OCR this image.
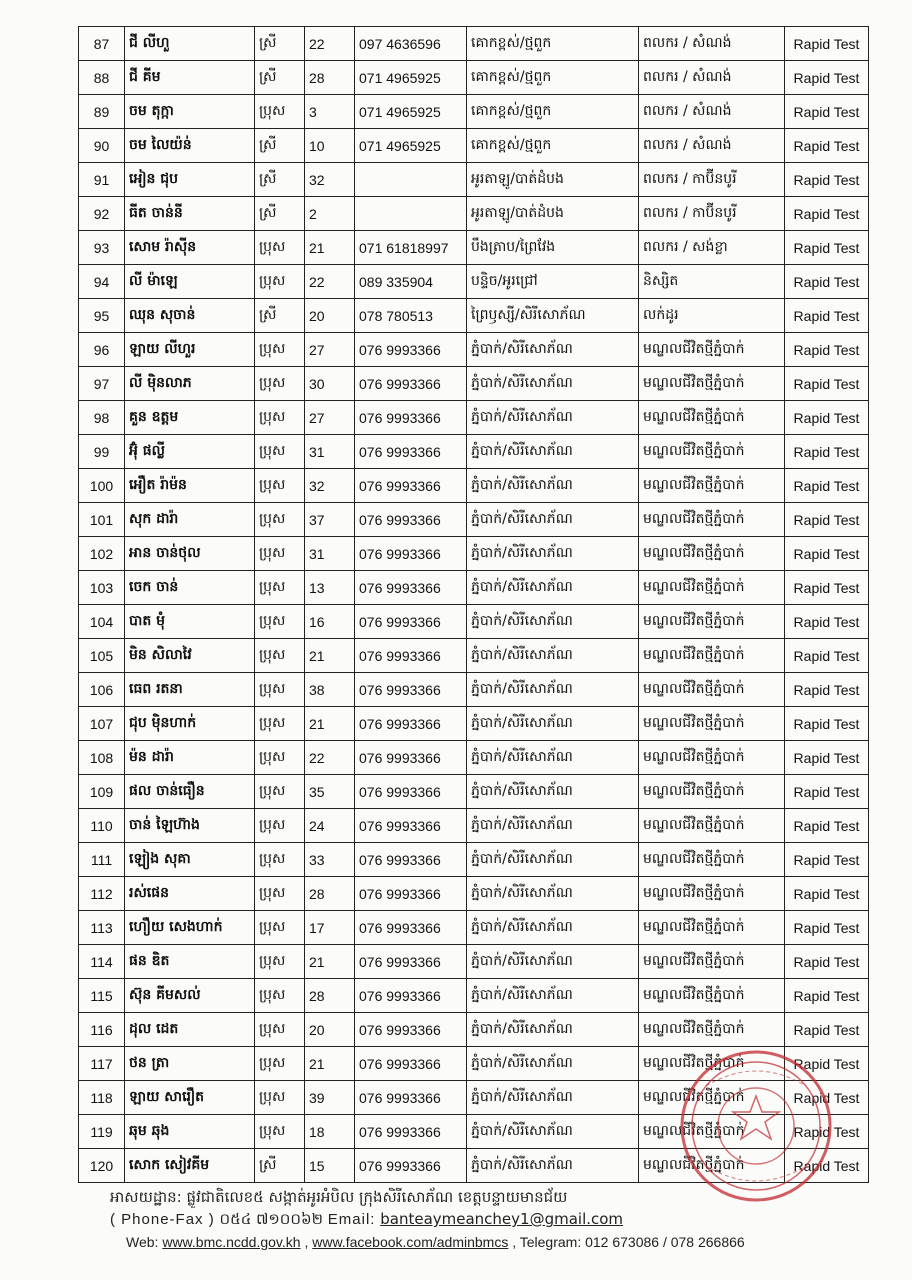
87	ជី លីហួ	ស្រី	22	097 4636596	គោកខ្ពស់/ថ្មពួក	ពលករ / សំណង់	Rapid Test
88	ជី គីម	ស្រី	28	071 4965925	គោកខ្ពស់/ថ្មពួក	ពលករ / សំណង់	Rapid Test
89	ចម តុក្កា	ប្រុស	3	071 4965925	គោកខ្ពស់/ថ្មពួក	ពលករ / សំណង់	Rapid Test
90	ចម លៃយ៉ន់	ស្រី	10	071 4965925	គោកខ្ពស់/ថ្មពួក	ពលករ / សំណង់	Rapid Test
91	អៀន ជុប	ស្រី	32		អូរតាឡូ/បាត់ដំបង	ពលករ / កាប៊ីនបូរី	Rapid Test
92	ធីត ចាន់នី	ស្រី	2		អូរតាឡូ/បាត់ដំបង	ពលករ / កាប៊ីនបូរី	Rapid Test
93	សោម រ៉ាស៊ីន	ប្រុស	21	071 61818997	បឹងត្រាប/ព្រៃវែង	ពលករ / សង់ខ្លា	Rapid Test
94	លី ម៉ាឡេ	ប្រុស	22	089 335904	បន្ទិច/អូរជ្រៅ	និស្សិត	Rapid Test
95	ឈុន សុចាន់	ស្រី	20	078 780513	ព្រៃឫស្សី/សិរីសោភ័ណ	លក់ដូរ	Rapid Test
96	ឡាយ លីហួរ	ប្រុស	27	076 9993366	ភ្នំបាក់/សិរីសោភ័ណ	មណ្ឌលជីវិតថ្មីភ្នំបាក់	Rapid Test
97	លី ម៉ិនលាភ	ប្រុស	30	076 9993366	ភ្នំបាក់/សិរីសោភ័ណ	មណ្ឌលជីវិតថ្មីភ្នំបាក់	Rapid Test
98	គួន ឧត្តម	ប្រុស	27	076 9993366	ភ្នំបាក់/សិរីសោភ័ណ	មណ្ឌលជីវិតថ្មីភ្នំបាក់	Rapid Test
99	អ៊ុំ ផល្លី	ប្រុស	31	076 9993366	ភ្នំបាក់/សិរីសោភ័ណ	មណ្ឌលជីវិតថ្មីភ្នំបាក់	Rapid Test
100	អឿត រ៉ាម៉ន	ប្រុស	32	076 9993366	ភ្នំបាក់/សិរីសោភ័ណ	មណ្ឌលជីវិតថ្មីភ្នំបាក់	Rapid Test
101	សុក ដារ៉ា	ប្រុស	37	076 9993366	ភ្នំបាក់/សិរីសោភ័ណ	មណ្ឌលជីវិតថ្មីភ្នំបាក់	Rapid Test
102	អាន ចាន់ថុល	ប្រុស	31	076 9993366	ភ្នំបាក់/សិរីសោភ័ណ	មណ្ឌលជីវិតថ្មីភ្នំបាក់	Rapid Test
103	ចេក ចាន់	ប្រុស	13	076 9993366	ភ្នំបាក់/សិរីសោភ័ណ	មណ្ឌលជីវិតថ្មីភ្នំបាក់	Rapid Test
104	បាត មុំ	ប្រុស	16	076 9993366	ភ្នំបាក់/សិរីសោភ័ណ	មណ្ឌលជីវិតថ្មីភ្នំបាក់	Rapid Test
105	មិន សិលាវៃ	ប្រុស	21	076 9993366	ភ្នំបាក់/សិរីសោភ័ណ	មណ្ឌលជីវិតថ្មីភ្នំបាក់	Rapid Test
106	ធេព រតនា	ប្រុស	38	076 9993366	ភ្នំបាក់/សិរីសោភ័ណ	មណ្ឌលជីវិតថ្មីភ្នំបាក់	Rapid Test
107	ជុប ម៉ិនហាក់	ប្រុស	21	076 9993366	ភ្នំបាក់/សិរីសោភ័ណ	មណ្ឌលជីវិតថ្មីភ្នំបាក់	Rapid Test
108	ម៉ន ដារ៉ា	ប្រុស	22	076 9993366	ភ្នំបាក់/សិរីសោភ័ណ	មណ្ឌលជីវិតថ្មីភ្នំបាក់	Rapid Test
109	ផល ចាន់ធឿន	ប្រុស	35	076 9993366	ភ្នំបាក់/សិរីសោភ័ណ	មណ្ឌលជីវិតថ្មីភ្នំបាក់	Rapid Test
110	ចាន់ ឡៃហ៊ាង	ប្រុស	24	076 9993366	ភ្នំបាក់/សិរីសោភ័ណ	មណ្ឌលជីវិតថ្មីភ្នំបាក់	Rapid Test
111	ឡៀង សុគា	ប្រុស	33	076 9993366	ភ្នំបាក់/សិរីសោភ័ណ	មណ្ឌលជីវិតថ្មីភ្នំបាក់	Rapid Test
112	រស់ផេន	ប្រុស	28	076 9993366	ភ្នំបាក់/សិរីសោភ័ណ	មណ្ឌលជីវិតថ្មីភ្នំបាក់	Rapid Test
113	ហឿយ សេងហាក់	ប្រុស	17	076 9993366	ភ្នំបាក់/សិរីសោភ័ណ	មណ្ឌលជីវិតថ្មីភ្នំបាក់	Rapid Test
114	ផន ឌិត	ប្រុស	21	076 9993366	ភ្នំបាក់/សិរីសោភ័ណ	មណ្ឌលជីវិតថ្មីភ្នំបាក់	Rapid Test
115	ស៊ុន គីមសល់	ប្រុស	28	076 9993366	ភ្នំបាក់/សិរីសោភ័ណ	មណ្ឌលជីវិតថ្មីភ្នំបាក់	Rapid Test
116	ដុល ដេត	ប្រុស	20	076 9993366	ភ្នំបាក់/សិរីសោភ័ណ	មណ្ឌលជីវិតថ្មីភ្នំបាក់	Rapid Test
117	ថន ត្រា	ប្រុស	21	076 9993366	ភ្នំបាក់/សិរីសោភ័ណ	មណ្ឌលជីវិតថ្មីភ្នំបាក់	Rapid Test
118	ឡាយ សារឿត	ប្រុស	39	076 9993366	ភ្នំបាក់/សិរីសោភ័ណ	មណ្ឌលជីវិតថ្មីភ្នំបាក់	Rapid Test
119	ឆុម ឆុង	ប្រុស	18	076 9993366	ភ្នំបាក់/សិរីសោភ័ណ	មណ្ឌលជីវិតថ្មីភ្នំបាក់	Rapid Test
120	សោក សៀវគីម	ស្រី	15	076 9993366	ភ្នំបាក់/សិរីសោភ័ណ	មណ្ឌលជីវិតថ្មីភ្នំបាក់	Rapid Test
អាសយដ្ឋាន: ផ្លូវជាតិលេខ៥ សង្កាត់អូរអំបិល ក្រុងសិរីសោភ័ណ ខេត្តបន្ទាយមានជ័យ
( Phone-Fax ) ០៥៤ ៧១០០៦២ Email: banteaymeanchey1@gmail.com
Web: www.bmc.ncdd.gov.kh , www.facebook.com/adminbmcs , Telegram: 012 673086 / 078 266866
